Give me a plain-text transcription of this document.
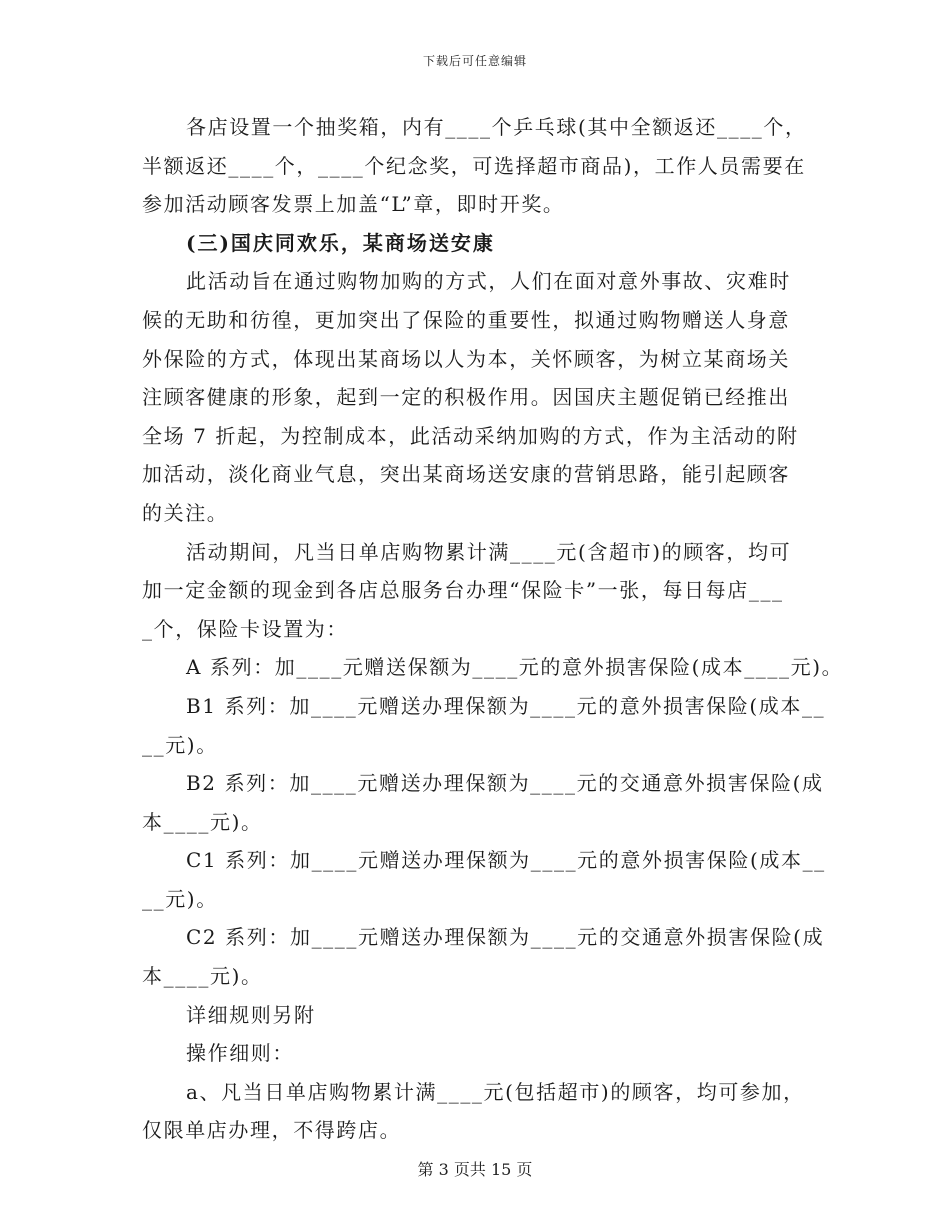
下载后可任意编辑
各店设置一个抽奖箱，内有____个乒乓球(其中全额返还____个，
半额返还____个，____个纪念奖，可选择超市商品)，工作人员需要在
参加活动顾客发票上加盖“L”章，即时开奖。
(三)国庆同欢乐，某商场送安康
此活动旨在通过购物加购的方式，人们在面对意外事故、灾难时
候的无助和彷徨，更加突出了保险的重要性，拟通过购物赠送人身意
外保险的方式，体现出某商场以人为本，关怀顾客，为树立某商场关
注顾客健康的形象，起到一定的积极作用。因国庆主题促销已经推出
全场 7 折起，为控制成本，此活动采纳加购的方式，作为主活动的附
加活动，淡化商业气息，突出某商场送安康的营销思路，能引起顾客
的关注。
活动期间，凡当日单店购物累计满____元(含超市)的顾客，均可
加一定金额的现金到各店总服务台办理“保险卡”一张，每日每店___
_个，保险卡设置为：
A 系列：加____元赠送保额为____元的意外损害保险(成本____元)。
B1 系列：加____元赠送办理保额为____元的意外损害保险(成本__
__元)。
B2 系列：加____元赠送办理保额为____元的交通意外损害保险(成
本____元)。
C1 系列：加____元赠送办理保额为____元的意外损害保险(成本__
__元)。
C2 系列：加____元赠送办理保额为____元的交通意外损害保险(成
本____元)。
详细规则另附
操作细则：
a、凡当日单店购物累计满____元(包括超市)的顾客，均可参加，
仅限单店办理，不得跨店。
第 3 页共 15 页
